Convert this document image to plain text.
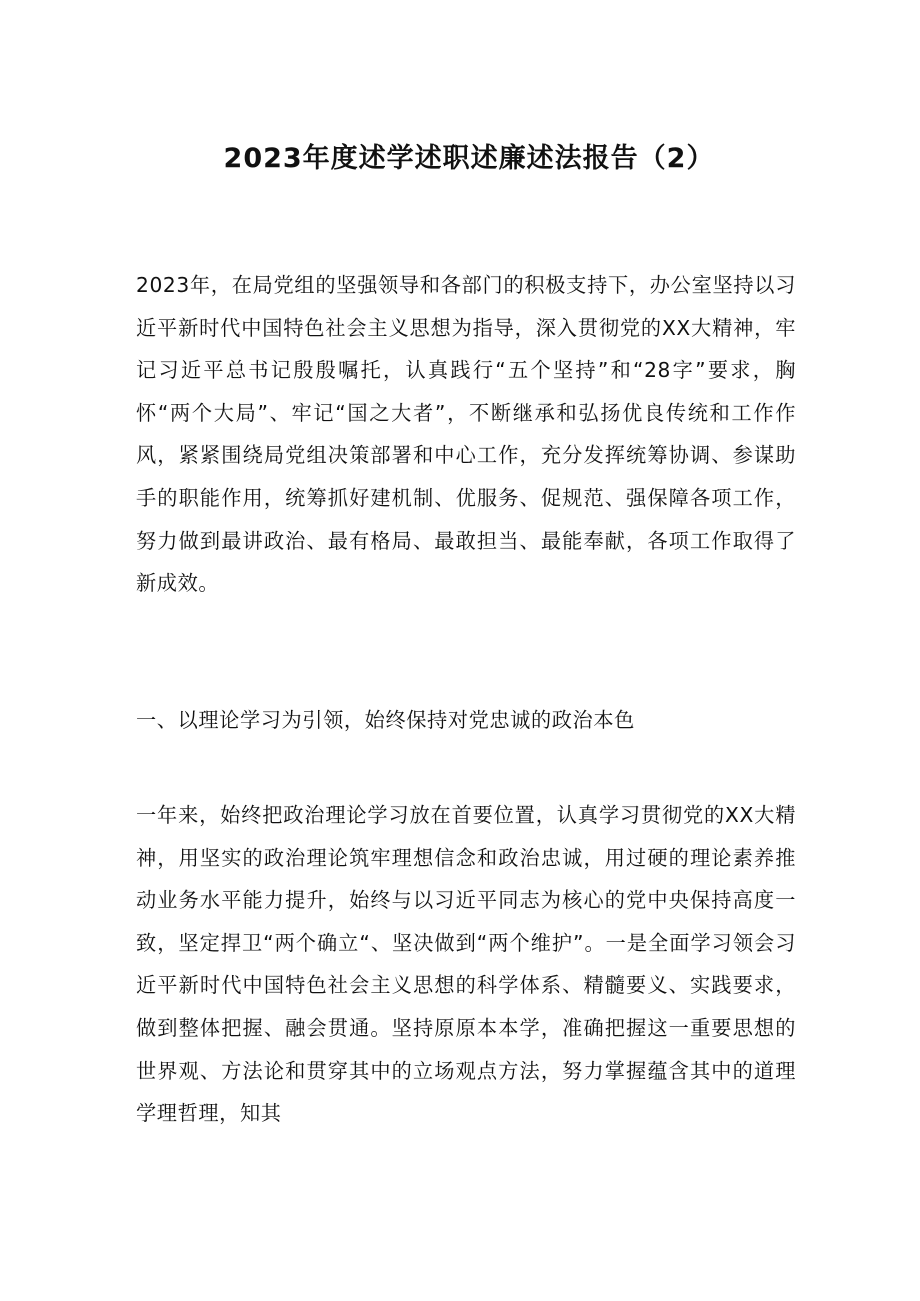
2023年度述学述职述廉述法报告（2）

2023年，在局党组的坚强领导和各部门的积极支持下，办公室坚持以习近平新时代中国特色社会主义思想为指导，深入贯彻党的XX大精神，牢记习近平总书记殷殷嘱托，认真践行“五个坚持”和“28字”要求，胸怀“两个大局”、牢记“国之大者”，不断继承和弘扬优良传统和工作作风，紧紧围绕局党组决策部署和中心工作，充分发挥统筹协调、参谋助手的职能作用，统筹抓好建机制、优服务、促规范、强保障各项工作，努力做到最讲政治、最有格局、最敢担当、最能奉献，各项工作取得了新成效。

一、以理论学习为引领，始终保持对党忠诚的政治本色

一年来，始终把政治理论学习放在首要位置，认真学习贯彻党的XX大精神，用坚实的政治理论筑牢理想信念和政治忠诚，用过硬的理论素养推动业务水平能力提升，始终与以习近平同志为核心的党中央保持高度一致，坚定捍卫“两个确立“、坚决做到“两个维护”。一是全面学习领会习近平新时代中国特色社会主义思想的科学体系、精髓要义、实践要求，做到整体把握、融会贯通。坚持原原本本学，准确把握这一重要思想的世界观、方法论和贯穿其中的立场观点方法，努力掌握蕴含其中的道理学理哲理，知其
